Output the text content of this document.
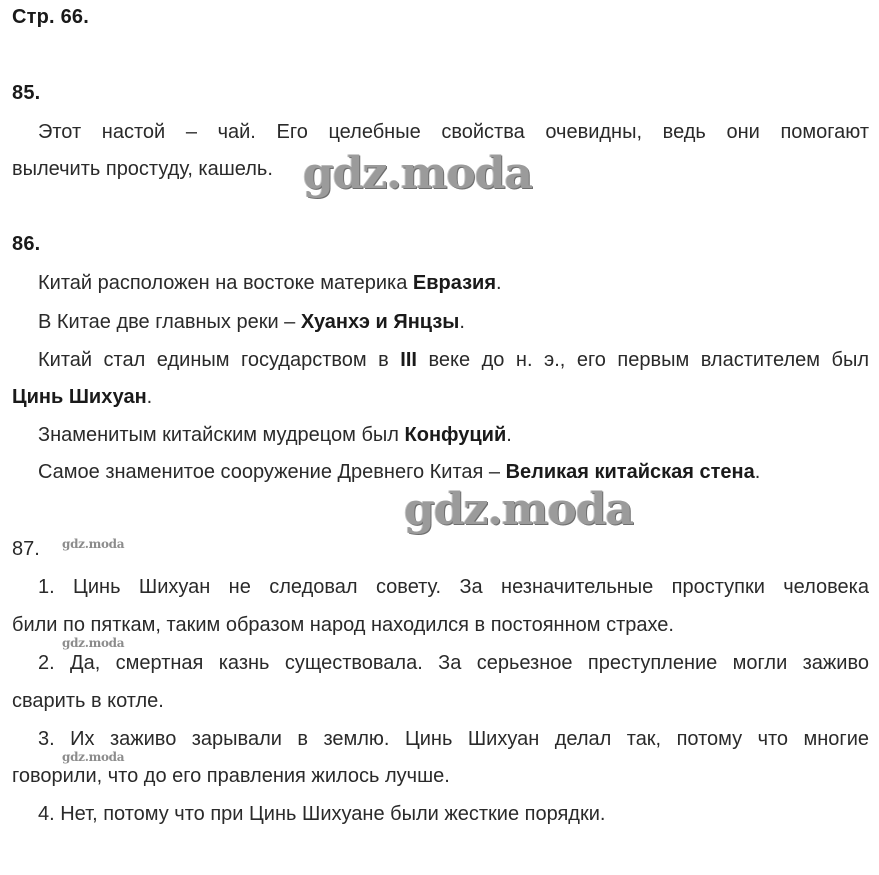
Стр. 66.
85.
Этот настой – чай. Его целебные свойства очевидны, ведь они помогают
вылечить простуду, кашель. gdz.moda
86.
Китай расположен на востоке материка Евразия.
В Китае две главных реки – Хуанхэ и Янцзы.
Китай стал единым государством в III веке до н. э., его первым властителем был
Цинь Шихуан.
Знаменитым китайским мудрецом был Конфуций.
Самое знаменитое сооружение Древнего Китая – Великая китайская стена.
gdz.moda
87.	gdz.moda
1. Цинь Шихуан не следовал совету. За незначительные проступки человека
били по пяткам, таким образом народ находился в постоянном страхе.
gdz.moda
2. Да, смертная казнь существовала. За серьезное преступление могли заживо
сварить в котле.
3. Их заживо зарывали в землю. Цинь Шихуан делал так, потому что многие
говорили, что до его правления жилось лучше.
gdz.moda
4. Нет, потому что при Цинь Шихуане были жесткие порядки.
